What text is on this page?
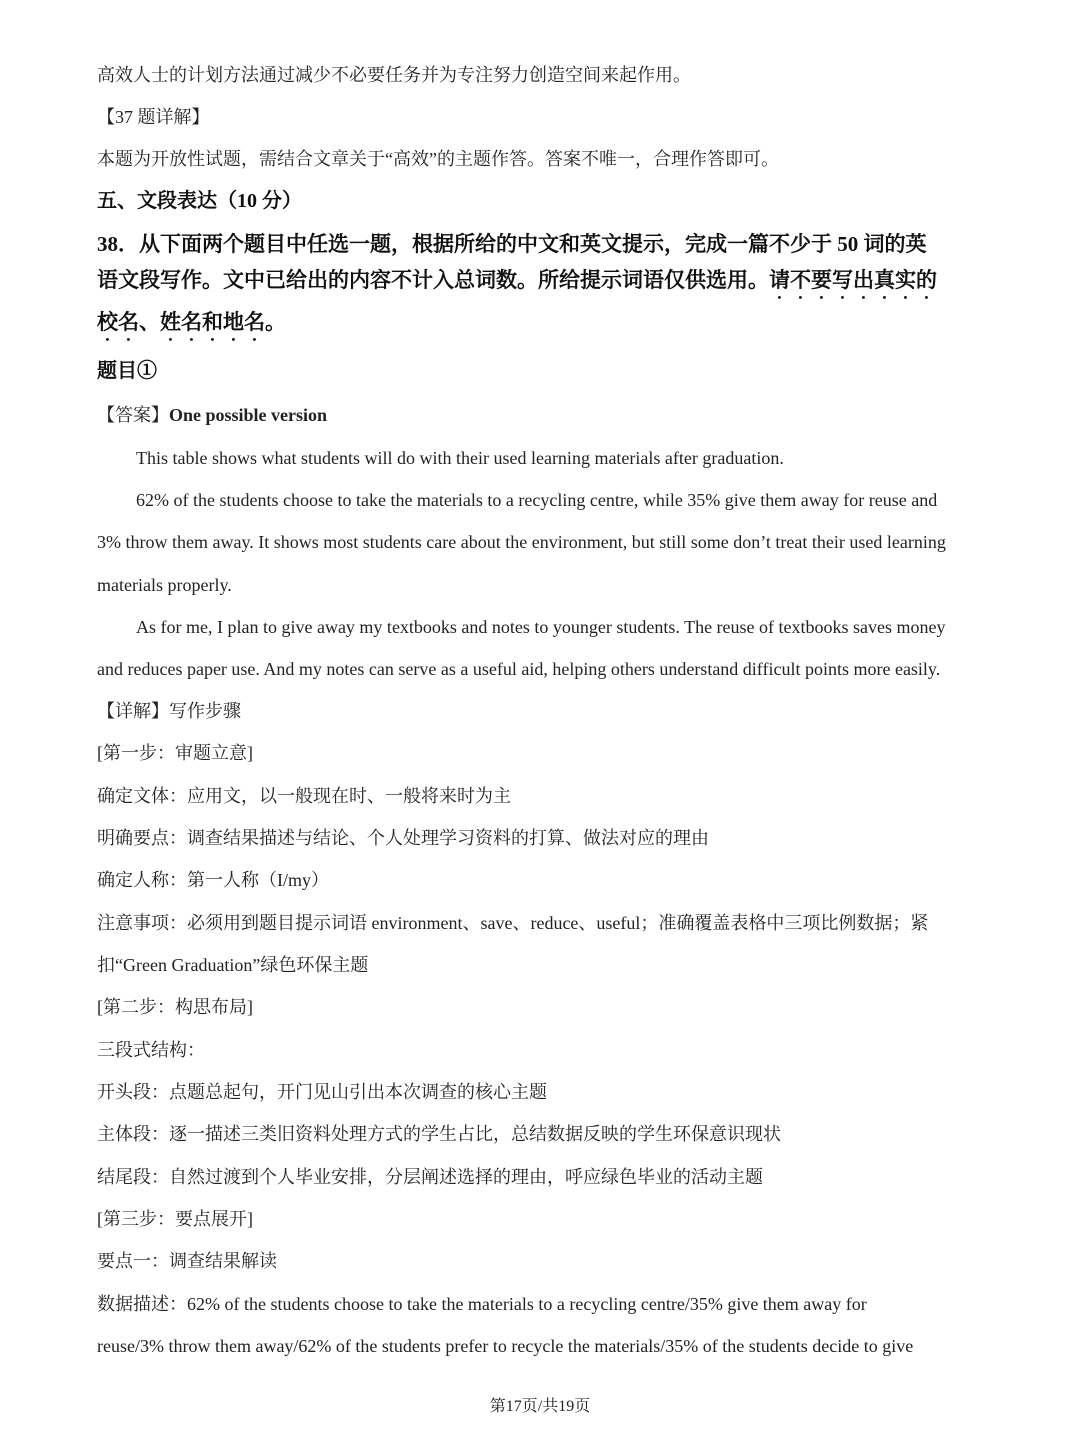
高效人士的计划方法通过减少不必要任务并为专注努力创造空间来起作用。
【37 题详解】
本题为开放性试题，需结合文章关于“高效”的主题作答。答案不唯一，合理作答即可。
五、文段表达（10 分）
38．从下面两个题目中任选一题，根据所给的中文和英文提示，完成一篇不少于 50 词的英
语文段写作。文中已给出的内容不计入总词数。所给提示词语仅供选用。请不要写出真实的
校名、姓名和地名。
题目①
【答案】One possible version
This table shows what students will do with their used learning materials after graduation.
62% of the students choose to take the materials to a recycling centre, while 35% give them away for reuse and
3% throw them away. It shows most students care about the environment, but still some don’t treat their used learning
materials properly.
As for me, I plan to give away my textbooks and notes to younger students. The reuse of textbooks saves money
and reduces paper use. And my notes can serve as a useful aid, helping others understand difficult points more easily.
【详解】写作步骤
[第一步：审题立意]
确定文体：应用文，以一般现在时、一般将来时为主
明确要点：调查结果描述与结论、个人处理学习资料的打算、做法对应的理由
确定人称：第一人称（I/my）
注意事项：必须用到题目提示词语 environment、save、reduce、useful；准确覆盖表格中三项比例数据；紧
扣“Green Graduation”绿色环保主题
[第二步：构思布局]
三段式结构：
开头段：点题总起句，开门见山引出本次调查的核心主题
主体段：逐一描述三类旧资料处理方式的学生占比，总结数据反映的学生环保意识现状
结尾段：自然过渡到个人毕业安排，分层阐述选择的理由，呼应绿色毕业的活动主题
[第三步：要点展开]
要点一：调查结果解读
数据描述：62% of the students choose to take the materials to a recycling centre/35% give them away for
reuse/3% throw them away/62% of the students prefer to recycle the materials/35% of the students decide to give
第17页/共19页
